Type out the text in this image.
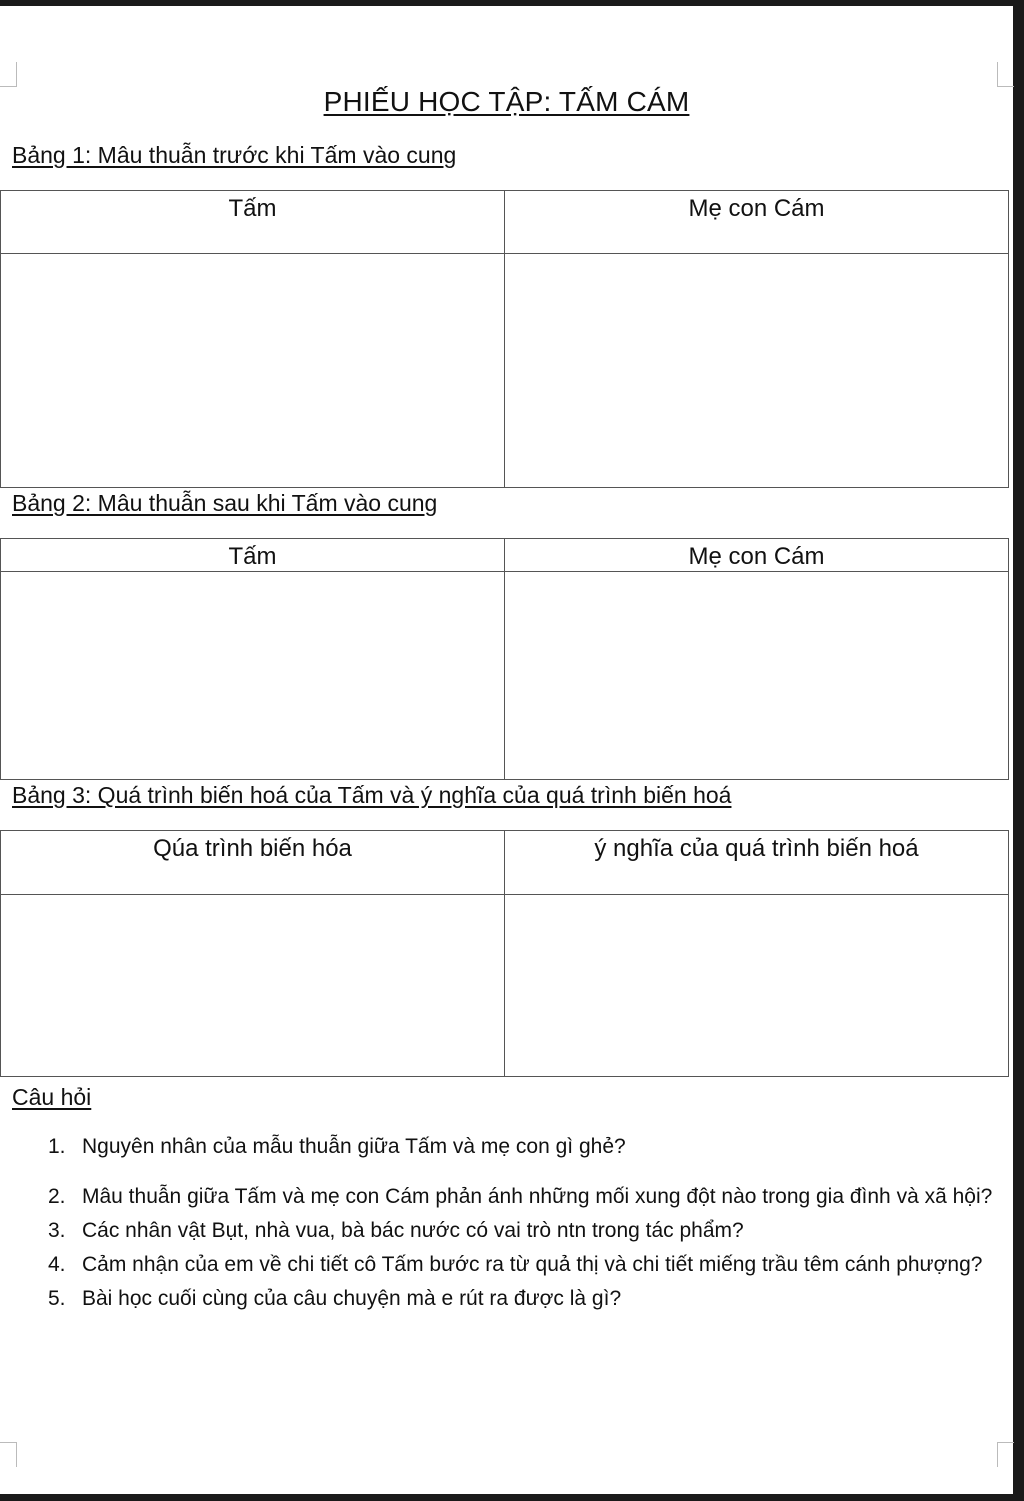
PHIẾU HỌC TẬP: TẤM CÁM
Bảng 1: Mâu thuẫn trước khi Tấm vào cung
Tấm	Mẹ con Cám

Bảng 2: Mâu thuẫn sau khi Tấm vào cung
Tấm	Mẹ con Cám

Bảng 3: Quá trình biến hoá của Tấm và ý nghĩa của quá trình biến hoá
Qúa trình biến hóa	ý nghĩa của quá trình biến hoá

Câu hỏi
1. Nguyên nhân của mẫu thuẫn giữa Tấm và mẹ con gì ghẻ?
2. Mâu thuẫn giữa Tấm và mẹ con Cám phản ánh những mối xung đột nào trong gia đình và xã hội?
3. Các nhân vật Bụt, nhà vua, bà bác nước có vai trò ntn trong tác phẩm?
4. Cảm nhận của em về chi tiết cô Tấm bước ra từ quả thị và chi tiết miếng trầu têm cánh phượng?
5. Bài học cuối cùng của câu chuyện mà e rút ra được là gì?
